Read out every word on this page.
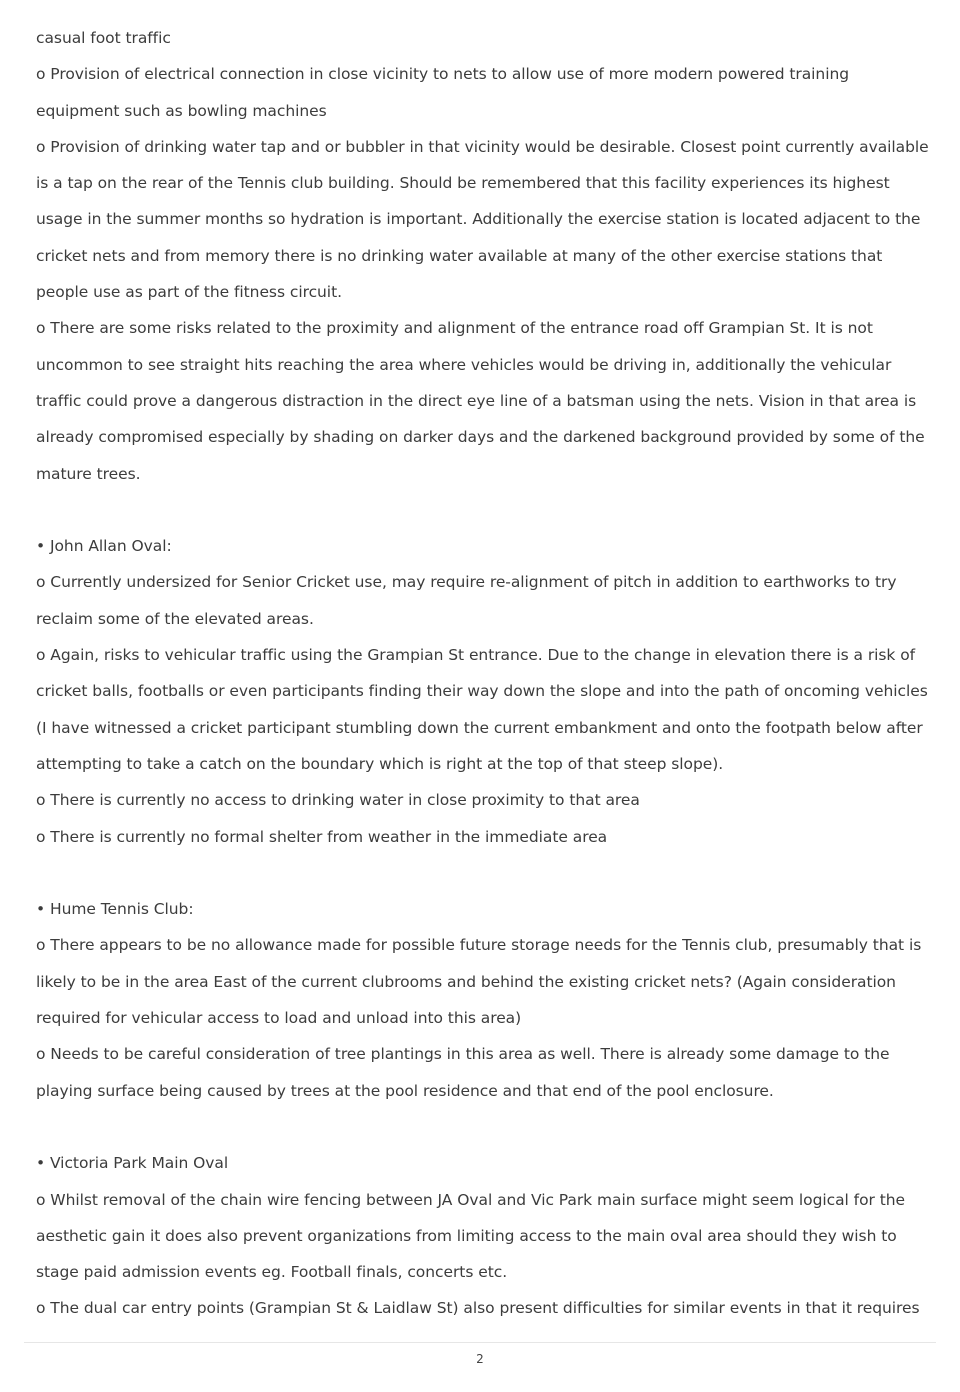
casual foot traffic
o Provision of electrical connection in close vicinity to nets to allow use of more modern powered training
equipment such as bowling machines
o Provision of drinking water tap and or bubbler in that vicinity would be desirable. Closest point currently available
is a tap on the rear of the Tennis club building. Should be remembered that this facility experiences its highest
usage in the summer months so hydration is important. Additionally the exercise station is located adjacent to the
cricket nets and from memory there is no drinking water available at many of the other exercise stations that
people use as part of the fitness circuit.
o There are some risks related to the proximity and alignment of the entrance road off Grampian St. It is not
uncommon to see straight hits reaching the area where vehicles would be driving in, additionally the vehicular
traffic could prove a dangerous distraction in the direct eye line of a batsman using the nets. Vision in that area is
already compromised especially by shading on darker days and the darkened background provided by some of the
mature trees.
• John Allan Oval:
o Currently undersized for Senior Cricket use, may require re-alignment of pitch in addition to earthworks to try
reclaim some of the elevated areas.
o Again, risks to vehicular traffic using the Grampian St entrance. Due to the change in elevation there is a risk of
cricket balls, footballs or even participants finding their way down the slope and into the path of oncoming vehicles
(I have witnessed a cricket participant stumbling down the current embankment and onto the footpath below after
attempting to take a catch on the boundary which is right at the top of that steep slope).
o There is currently no access to drinking water in close proximity to that area
o There is currently no formal shelter from weather in the immediate area
• Hume Tennis Club:
o There appears to be no allowance made for possible future storage needs for the Tennis club, presumably that is
likely to be in the area East of the current clubrooms and behind the existing cricket nets? (Again consideration
required for vehicular access to load and unload into this area)
o Needs to be careful consideration of tree plantings in this area as well. There is already some damage to the
playing surface being caused by trees at the pool residence and that end of the pool enclosure.
• Victoria Park Main Oval
o Whilst removal of the chain wire fencing between JA Oval and Vic Park main surface might seem logical for the
aesthetic gain it does also prevent organizations from limiting access to the main oval area should they wish to
stage paid admission events eg. Football finals, concerts etc.
o The dual car entry points (Grampian St & Laidlaw St) also present difficulties for similar events in that it requires
2
